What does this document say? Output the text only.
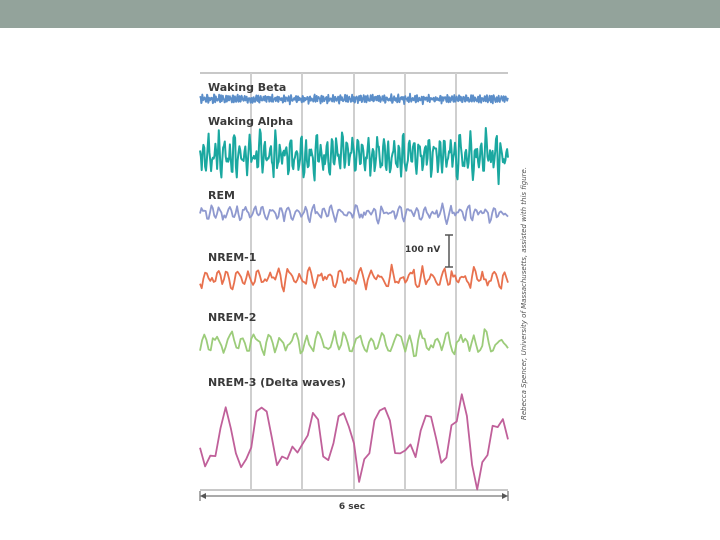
Waking Beta
Waking Alpha
REM
NREM-1
NREM-2
NREM-3 (Delta waves)
100 nV
6 sec
Rebecca Spencer, University of Massachusetts, assisted with this figure.
